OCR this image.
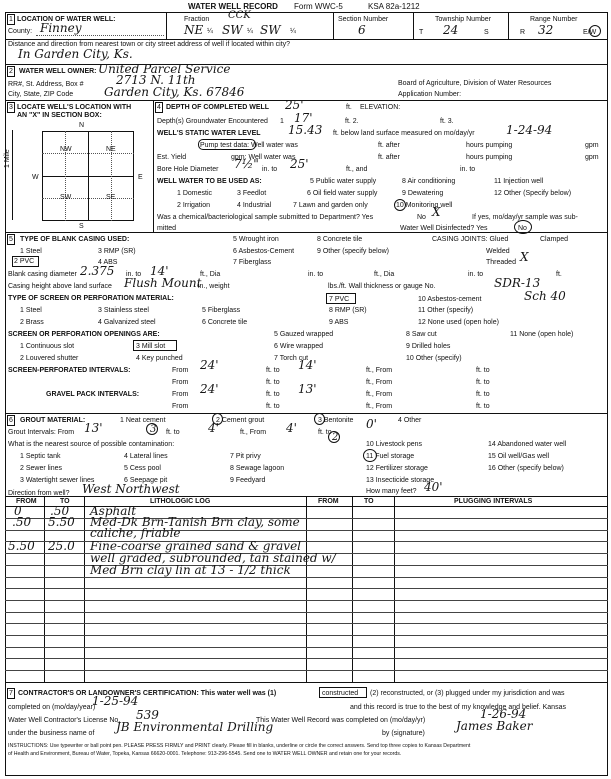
WATER WELL RECORD Form WWC-5	KSA 82a-1212
1 LOCATION OF WATER WELL:
County: Finney
Fraction CCK
NE ¼ SW ¼ SW ¼
Section Number
6
Township Number
T 24	S
Range Number
R 32	E/W
Distance and direction from nearest town or city street address of well if located within city?
In Garden City, Ks.
2 WATER WELL OWNER: United Parcel Service
RR#, St. Address, Box #	2713 N. 11th
City, State, ZIP Code	Garden City, Ks. 67846
Board of Agriculture, Division of Water Resources
Application Number:
3 LOCATE WELL'S LOCATION WITH
AN "X" IN SECTION BOX:
N
S
W	E
1 Mile	NW	NE
SW	SE
4 DEPTH OF COMPLETED WELL 25'	ft. ELEVATION:
Depth(s) Groundwater Encountered 1 17'	ft. 2.	ft. 3.
WELL'S STATIC WATER LEVEL 15.43 ft. below land surface measured on mo/day/yr	1-24-94
Pump test data: Well water was	ft. after	hours pumping	gpm
Est. Yield	gpm; Well water was	ft. after	hours pumping	gpm
Bore Hole Diameter 7½" in. to 25'	ft., and	in. to
WELL WATER TO BE USED AS:
1 Domestic	3 Feedlot
5 Public water supply
6 Oil field water supply
8 Air conditioning
9 Dewatering
11 Injection well
12 Other (Specify below)
2 Irrigation	4 Industrial	7 Lawn and garden only	10 Monitoring well
Was a chemical/bacteriological sample submitted to Department? Yes	No X	If yes, mo/day/yr sample was sub-
mitted	Water Well Disinfected? Yes	No
5 TYPE OF BLANK CASING USED:
1 Steel	3 RMP (SR)
5 Wrought iron	8 Concrete tile
2 PVC	4 ABS
6 Asbestos-Cement	9 Other (specify below)
7 Fiberglass
CASING JOINTS: Glued	Clamped
Welded
Threaded X
Blank casing diameter 2.375 in. to 14'	ft., Dia	in. to	ft., Dia	in. to	ft.
Casing height above land surface Flush Mount
in., weight	lbs./ft. Wall thickness or gauge No.	SDR-13
TYPE OF SCREEN OR PERFORATION MATERIAL:
1 Steel	3 Stainless steel	5 Fiberglass
7 PVC	10 Asbestos-cement	Sch 40
2 Brass	4 Galvanized steel	6 Concrete tile
8 RMP (SR)
9 ABS
11 Other (specify)
12 None used (open hole)
SCREEN OR PERFORATION OPENINGS ARE:
1 Continuous slot	3 Mill slot
5 Gauzed wrapped	8 Saw cut	11 None (open hole)
2 Louvered shutter	4 Key punched
6 Wire wrapped
7 Torch cut
9 Drilled holes
10 Other (specify)
SCREEN-PERFORATED INTERVALS:	From 24'	ft. to 14'	ft., From	ft. to
From	ft. to	ft., From	ft. to
GRAVEL PACK INTERVALS:	From 24'	ft. to 13'	ft., From	ft. to
From	ft. to	ft., From	ft. to
6 GROUT MATERIAL:	1 Neat cement	2 Cement grout	3 Bentonite	4 Other
Grout Intervals: From 13'	3 ft. to 4'	ft., From 4'	ft. to
0'
2
What is the nearest source of possible contamination:
1 Septic tank	4 Lateral lines	7 Pit privy
10 Livestock pens	14 Abandoned water well
2 Sewer lines	5 Cess pool	8 Sewage lagoon
11 Fuel storage	15 Oil well/Gas well
3 Watertight sewer lines	6 Seepage pit	9 Feedyard
12 Fertilizer storage	16 Other (specify below)
13 Insecticide storage
Direction from well? West Northwest	How many feet? 40'
FROM	TO	LITHOLOGIC LOG	FROM	TO	PLUGGING INTERVALS
0 .50 Asphalt
.50 5.50 Med-Dk Brn-Tanish Brn clay, some
caliche, friable
5.50 25.0 Fine-coarse grained sand & gravel
well graded, subrounded, tan stained w/
Med Brn clay lin at 13 - 1/2 thick
7 CONTRACTOR'S OR LANDOWNER'S CERTIFICATION: This water well was (1)	constructed (2) reconstructed, or (3) plugged under my jurisdiction and was
completed on (mo/day/year)
1-25-94	and this record is true to the best of my knowledge and belief. Kansas
Water Well Contractor's License No. 539	This Water Well Record was completed on (mo/day/yr)	1-26-94
under the business name of JB Environmental Drilling	by (signature)
James Baker
INSTRUCTIONS: Use typewriter or ball point pen. PLEASE PRESS FIRMLY and PRINT clearly. Please fill in blanks, underline or circle the correct answers. Send top three copies to Kansas Department
of Health and Environment, Bureau of Water, Topeka, Kansas 66620-0001. Telephone: 913-296-5545. Send one to WATER WELL OWNER and retain one for your records.
